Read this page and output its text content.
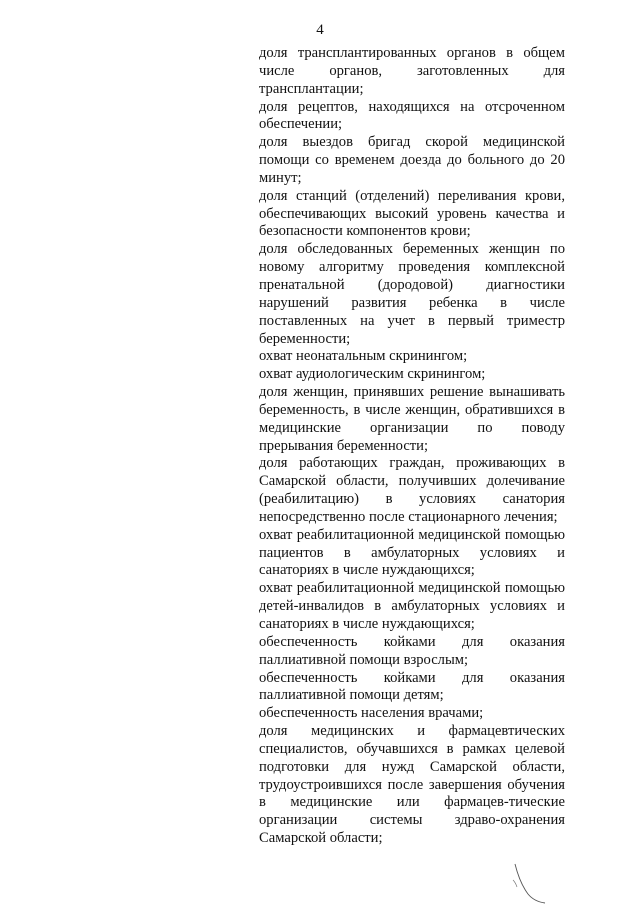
4
доля трансплантированных органов в общем числе органов, заготовленных для трансплантации;
доля рецептов, находящихся на отсроченном обеспечении;
доля выездов бригад скорой медицинской помощи со временем доезда до больного до 20 минут;
доля станций (отделений) переливания крови, обеспечивающих высокий уровень качества и безопасности компонентов крови;
доля обследованных беременных женщин по новому алгоритму проведения комплексной пренатальной (дородовой) диагностики нарушений развития ребенка в числе поставленных на учет в первый триместр беременности;
охват неонатальным скринингом;
охват аудиологическим скринингом;
доля женщин, принявших решение вынашивать беременность, в числе женщин, обратившихся в медицинские организации по поводу прерывания беременности;
доля работающих граждан, проживающих в Самарской области, получивших долечивание (реабилитацию) в условиях санатория непосредственно после стационарного лечения;
охват реабилитационной медицинской помощью пациентов в амбулаторных условиях и санаториях в числе нуждающихся;
охват реабилитационной медицинской помощью детей-инвалидов в амбулаторных условиях и санаториях в числе нуждающихся;
обеспеченность койками для оказания паллиативной помощи взрослым;
обеспеченность койками для оказания паллиативной помощи детям;
обеспеченность населения врачами;
доля медицинских и фармацевтических специалистов, обучавшихся в рамках целевой подготовки для нужд Самарской области, трудоустроившихся после завершения обучения в медицинские или фармацев-тические организации системы здраво-охранения Самарской области;
